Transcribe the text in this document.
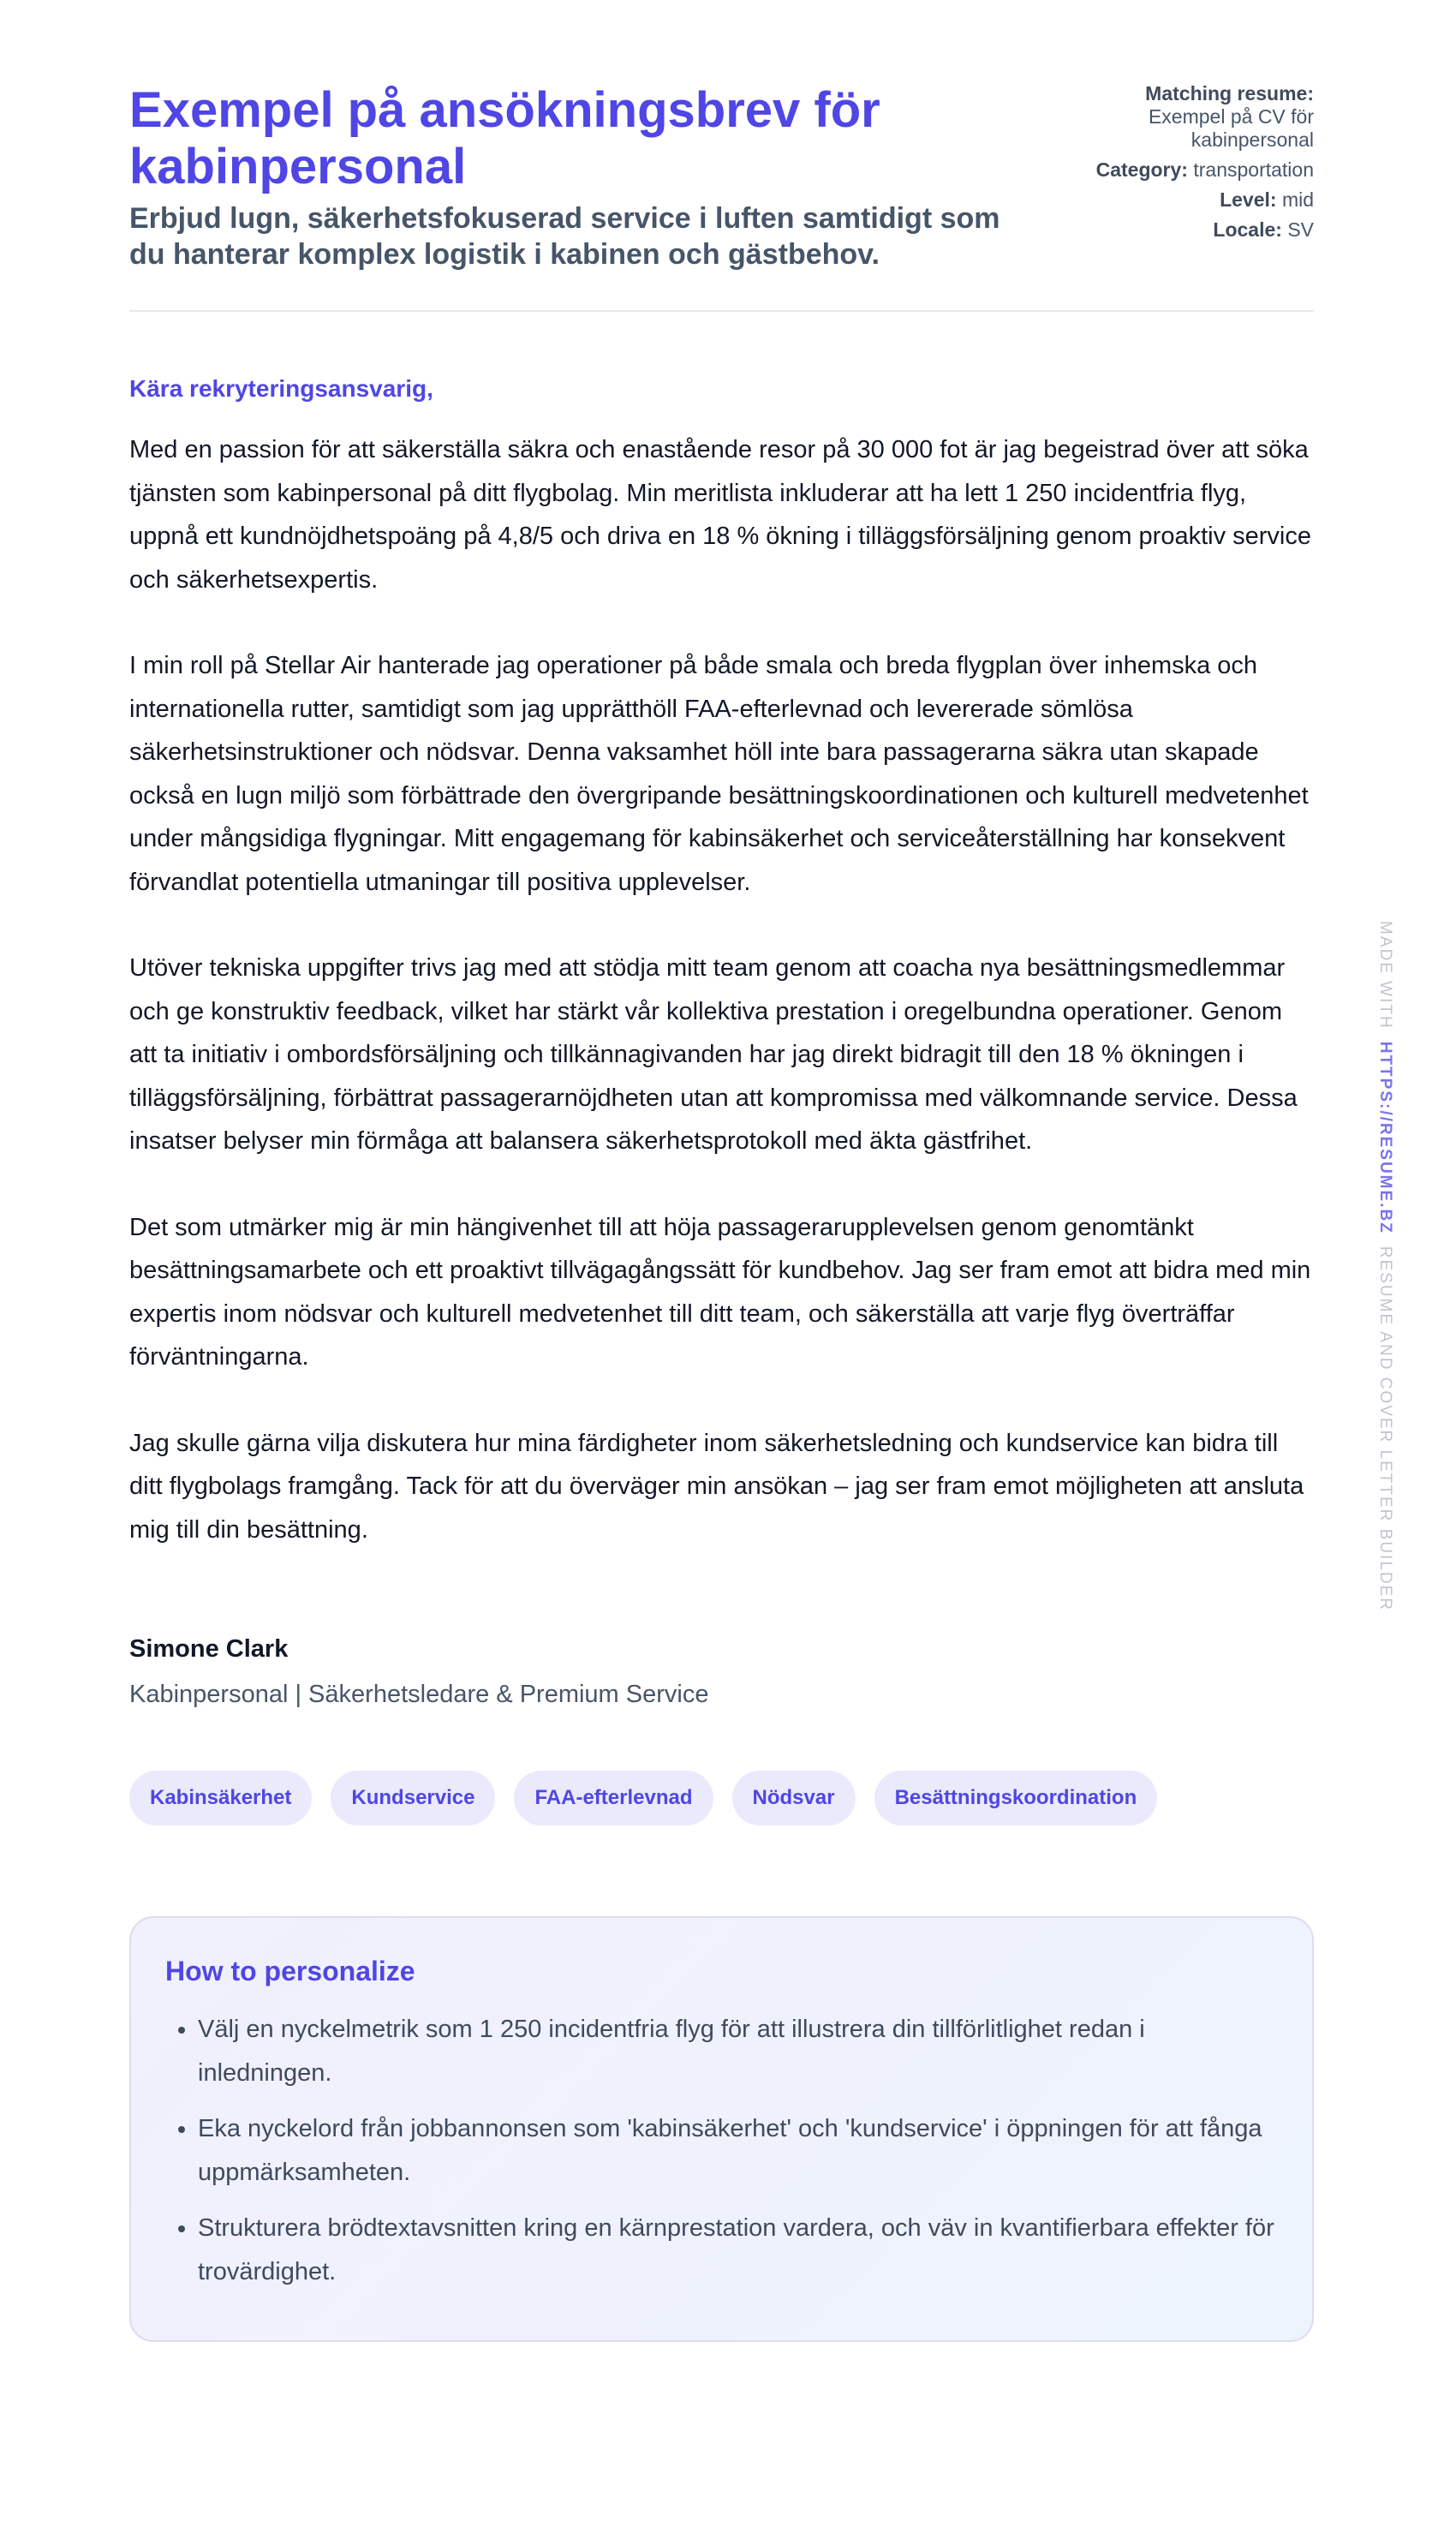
Exempel på ansökningsbrev för kabinpersonal

Erbjud lugn, säkerhetsfokuserad service i luften samtidigt som du hanterar komplex logistik i kabinen och gästbehov.

Matching resume:
Exempel på CV för kabinpersonal
Category: transportation
Level: mid
Locale: SV
Kära rekryteringsansvarig,

Med en passion för att säkerställa säkra och enastående resor på 30 000 fot är jag begeistrad över att söka tjänsten som kabinpersonal på ditt flygbolag. Min meritlista inkluderar att ha lett 1 250 incidentfria flyg, uppnå ett kundnöjdhetspoäng på 4,8/5 och driva en 18 % ökning i tilläggsförsäljning genom proaktiv service och säkerhetsexpertis.

I min roll på Stellar Air hanterade jag operationer på både smala och breda flygplan över inhemska och internationella rutter, samtidigt som jag upprätthöll FAA-efterlevnad och levererade sömlösa säkerhetsinstruktioner och nödsvar. Denna vaksamhet höll inte bara passagerarna säkra utan skapade också en lugn miljö som förbättrade den övergripande besättningskoordinationen och kulturell medvetenhet under mångsidiga flygningar. Mitt engagemang för kabinsäkerhet och serviceåterställning har konsekvent förvandlat potentiella utmaningar till positiva upplevelser.

Utöver tekniska uppgifter trivs jag med att stödja mitt team genom att coacha nya besättningsmedlemmar och ge konstruktiv feedback, vilket har stärkt vår kollektiva prestation i oregelbundna operationer. Genom att ta initiativ i ombordsförsäljning och tillkännagivanden har jag direkt bidragit till den 18 % ökningen i tilläggsförsäljning, förbättrat passagerarnöjdheten utan att kompromissa med välkomnande service. Dessa insatser belyser min förmåga att balansera säkerhetsprotokoll med äkta gästfrihet.

Det som utmärker mig är min hängivenhet till att höja passagerarupplevelsen genom genomtänkt besättningsamarbete och ett proaktivt tillvägagångssätt för kundbehov. Jag ser fram emot att bidra med min expertis inom nödsvar och kulturell medvetenhet till ditt team, och säkerställa att varje flyg överträffar förväntningarna.

Jag skulle gärna vilja diskutera hur mina färdigheter inom säkerhetsledning och kundservice kan bidra till ditt flygbolags framgång. Tack för att du överväger min ansökan – jag ser fram emot möjligheten att ansluta mig till din besättning.

Simone Clark
Kabinpersonal | Säkerhetsledare & Premium Service
Kabinsäkerhet	Kundservice	FAA-efterlevnad	Nödsvar	Besättningskoordination
How to personalize
• Välj en nyckelmetrik som 1 250 incidentfria flyg för att illustrera din tillförlitlighet redan i inledningen.
• Eka nyckelord från jobbannonsen som 'kabinsäkerhet' och 'kundservice' i öppningen för att fånga uppmärksamheten.
• Strukturera brödtextavsnitten kring en kärnprestation vardera, och väv in kvantifierbara effekter för trovärdighet.
MADE WITHHTTPS://RESUME.BZRESUME AND COVER LETTER BUILDER
